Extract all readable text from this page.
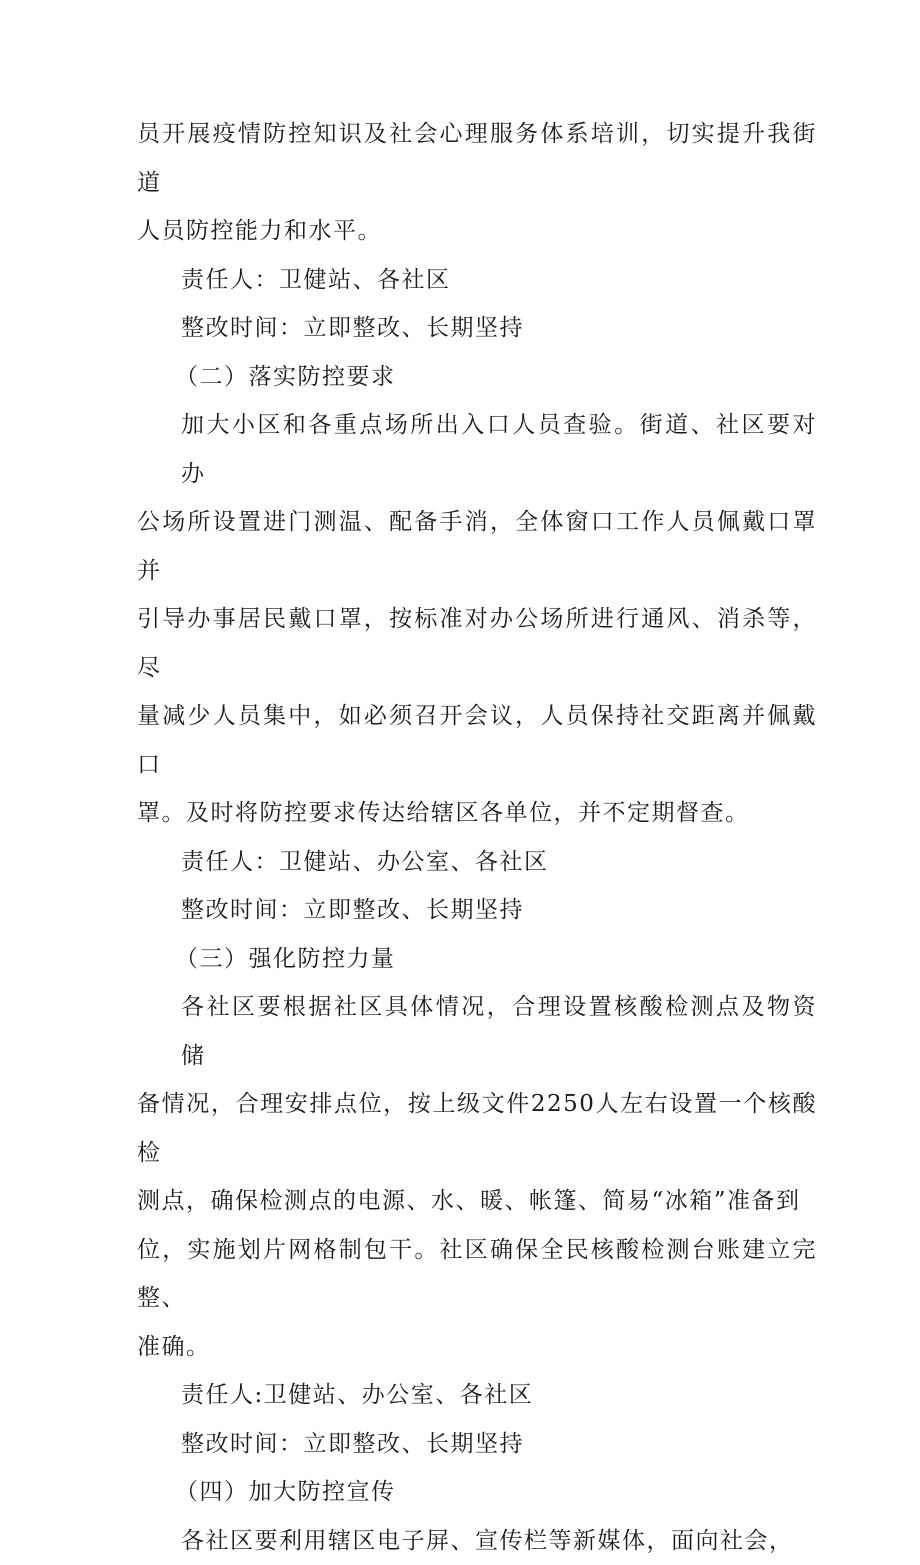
员开展疫情防控知识及社会心理服务体系培训，切实提升我街道

人员防控能力和水平。

责任人：卫健站、各社区

整改时间：立即整改、长期坚持

（二）落实防控要求

加大小区和各重点场所出入口人员查验。街道、社区要对办

公场所设置进门测温、配备手消，全体窗口工作人员佩戴口罩并

引导办事居民戴口罩，按标准对办公场所进行通风、消杀等，尽

量减少人员集中，如必须召开会议，人员保持社交距离并佩戴口

罩。及时将防控要求传达给辖区各单位，并不定期督查。

责任人：卫健站、办公室、各社区

整改时间：立即整改、长期坚持

（三）强化防控力量

各社区要根据社区具体情况，合理设置核酸检测点及物资储

备情况，合理安排点位，按上级文件2250人左右设置一个核酸检

测点，确保检测点的电源、水、暖、帐篷、简易“冰箱”准备到

位，实施划片网格制包干。社区确保全民核酸检测台账建立完整、

准确。

责任人:卫健站、办公室、各社区

整改时间：立即整改、长期坚持

（四）加大防控宣传

各社区要利用辖区电子屏、宣传栏等新媒体，面向社会，
